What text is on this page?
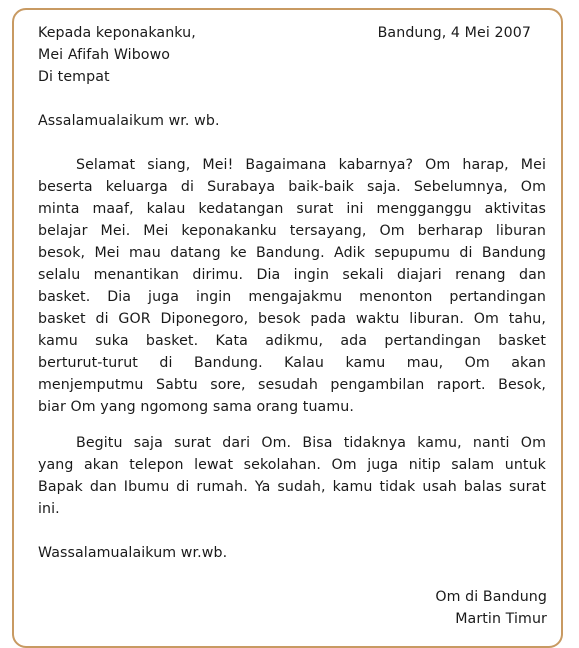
Kepada keponakanku,	Bandung, 4 Mei 2007
Mei Afifah Wibowo
Di tempat
Assalamualaikum wr. wb.
Selamat siang, Mei! Bagaimana kabarnya? Om harap, Mei
beserta keluarga di Surabaya baik-baik saja. Sebelumnya, Om
minta maaf, kalau kedatangan surat ini mengganggu aktivitas
belajar Mei. Mei keponakanku tersayang, Om berharap liburan
besok, Mei mau datang ke Bandung. Adik sepupumu di Bandung
selalu menantikan dirimu. Dia ingin sekali diajari renang dan
basket. Dia juga ingin mengajakmu menonton pertandingan
basket di GOR Diponegoro, besok pada waktu liburan. Om tahu,
kamu suka basket. Kata adikmu, ada pertandingan basket
berturut-turut di Bandung. Kalau kamu mau, Om akan
menjemputmu Sabtu sore, sesudah pengambilan raport. Besok,
biar Om yang ngomong sama orang tuamu.
Begitu saja surat dari Om. Bisa tidaknya kamu, nanti Om
yang akan telepon lewat sekolahan. Om juga nitip salam untuk
Bapak dan Ibumu di rumah. Ya sudah, kamu tidak usah balas surat
ini.
Wassalamualaikum wr.wb.
Om di Bandung
Martin Timur
